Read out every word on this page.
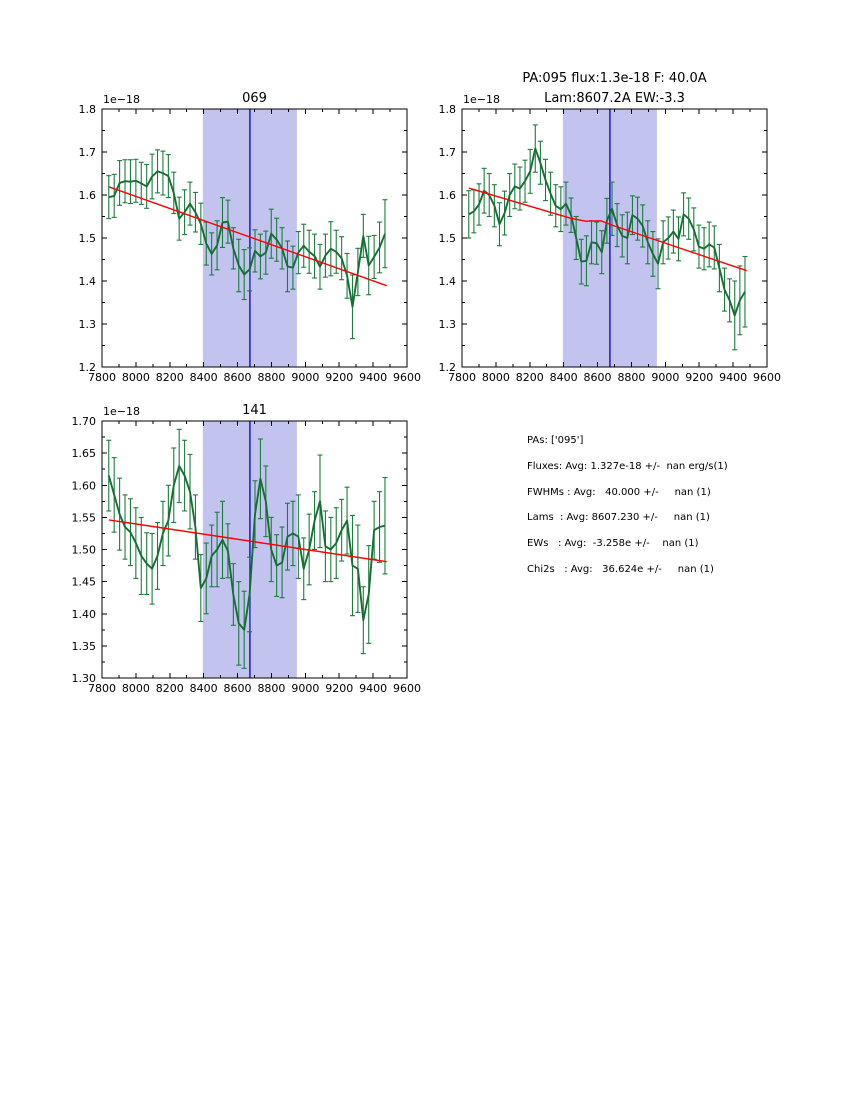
7800 8000 8200 8400 8600 8800 9000 9200 9400 9600
1.2
1.3
1.4
1.5
1.6
1.7
1.8
1e−18	069
7800 8000 8200 8400 8600 8800 9000 9200 9400 9600
1.2
1.3
1.4
1.5
1.6
1.7
1.8
1e−18
PA:095 flux:1.3e-18 F: 40.0A
Lam:8607.2A EW:-3.3
7800 8000 8200 8400 8600 8800 9000 9200 9400 9600
1.30
1.35
1.40
1.45
1.50
1.55
1.60
1.65
1.70
1e−18	141
PAs: ['095']
Fluxes: Avg: 1.327e-18 +/-  nan erg/s(1)
FWHMs : Avg:   40.000 +/-     nan (1)
Lams  : Avg: 8607.230 +/-     nan (1)
EWs   : Avg:  -3.258e +/-    nan (1)
Chi2s   : Avg:   36.624e +/-     nan (1)
